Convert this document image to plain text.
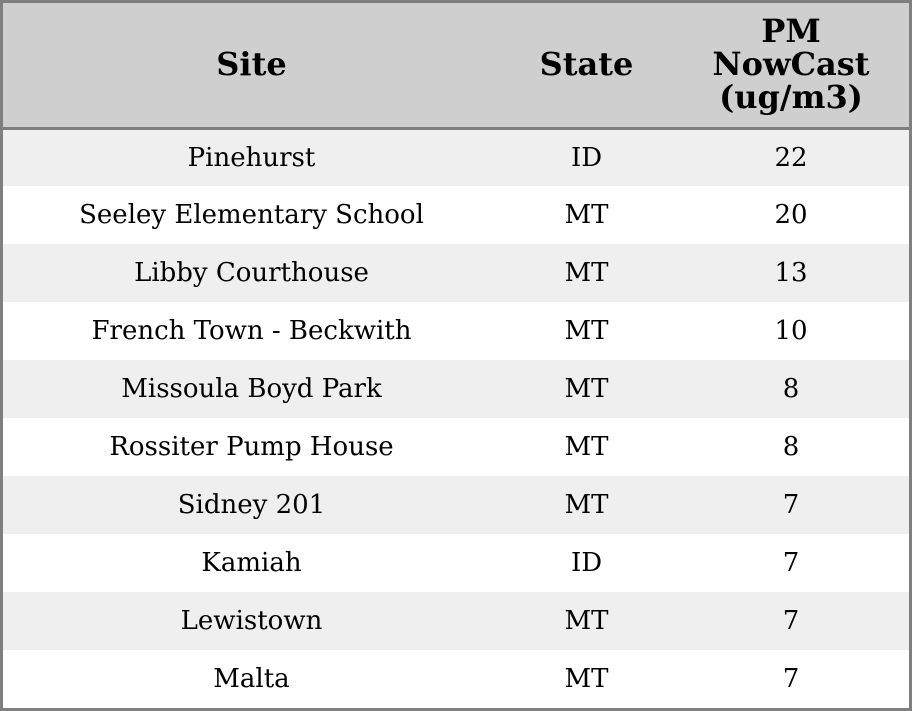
Site	State	PM
NowCast
(ug/m3)
Pinehurst	ID	22
Seeley Elementary School	MT	20
Libby Courthouse	MT	13
French Town - Beckwith	MT	10
Missoula Boyd Park	MT	8
Rossiter Pump House	MT	8
Sidney 201	MT	7
Kamiah	ID	7
Lewistown	MT	7
Malta	MT	7
